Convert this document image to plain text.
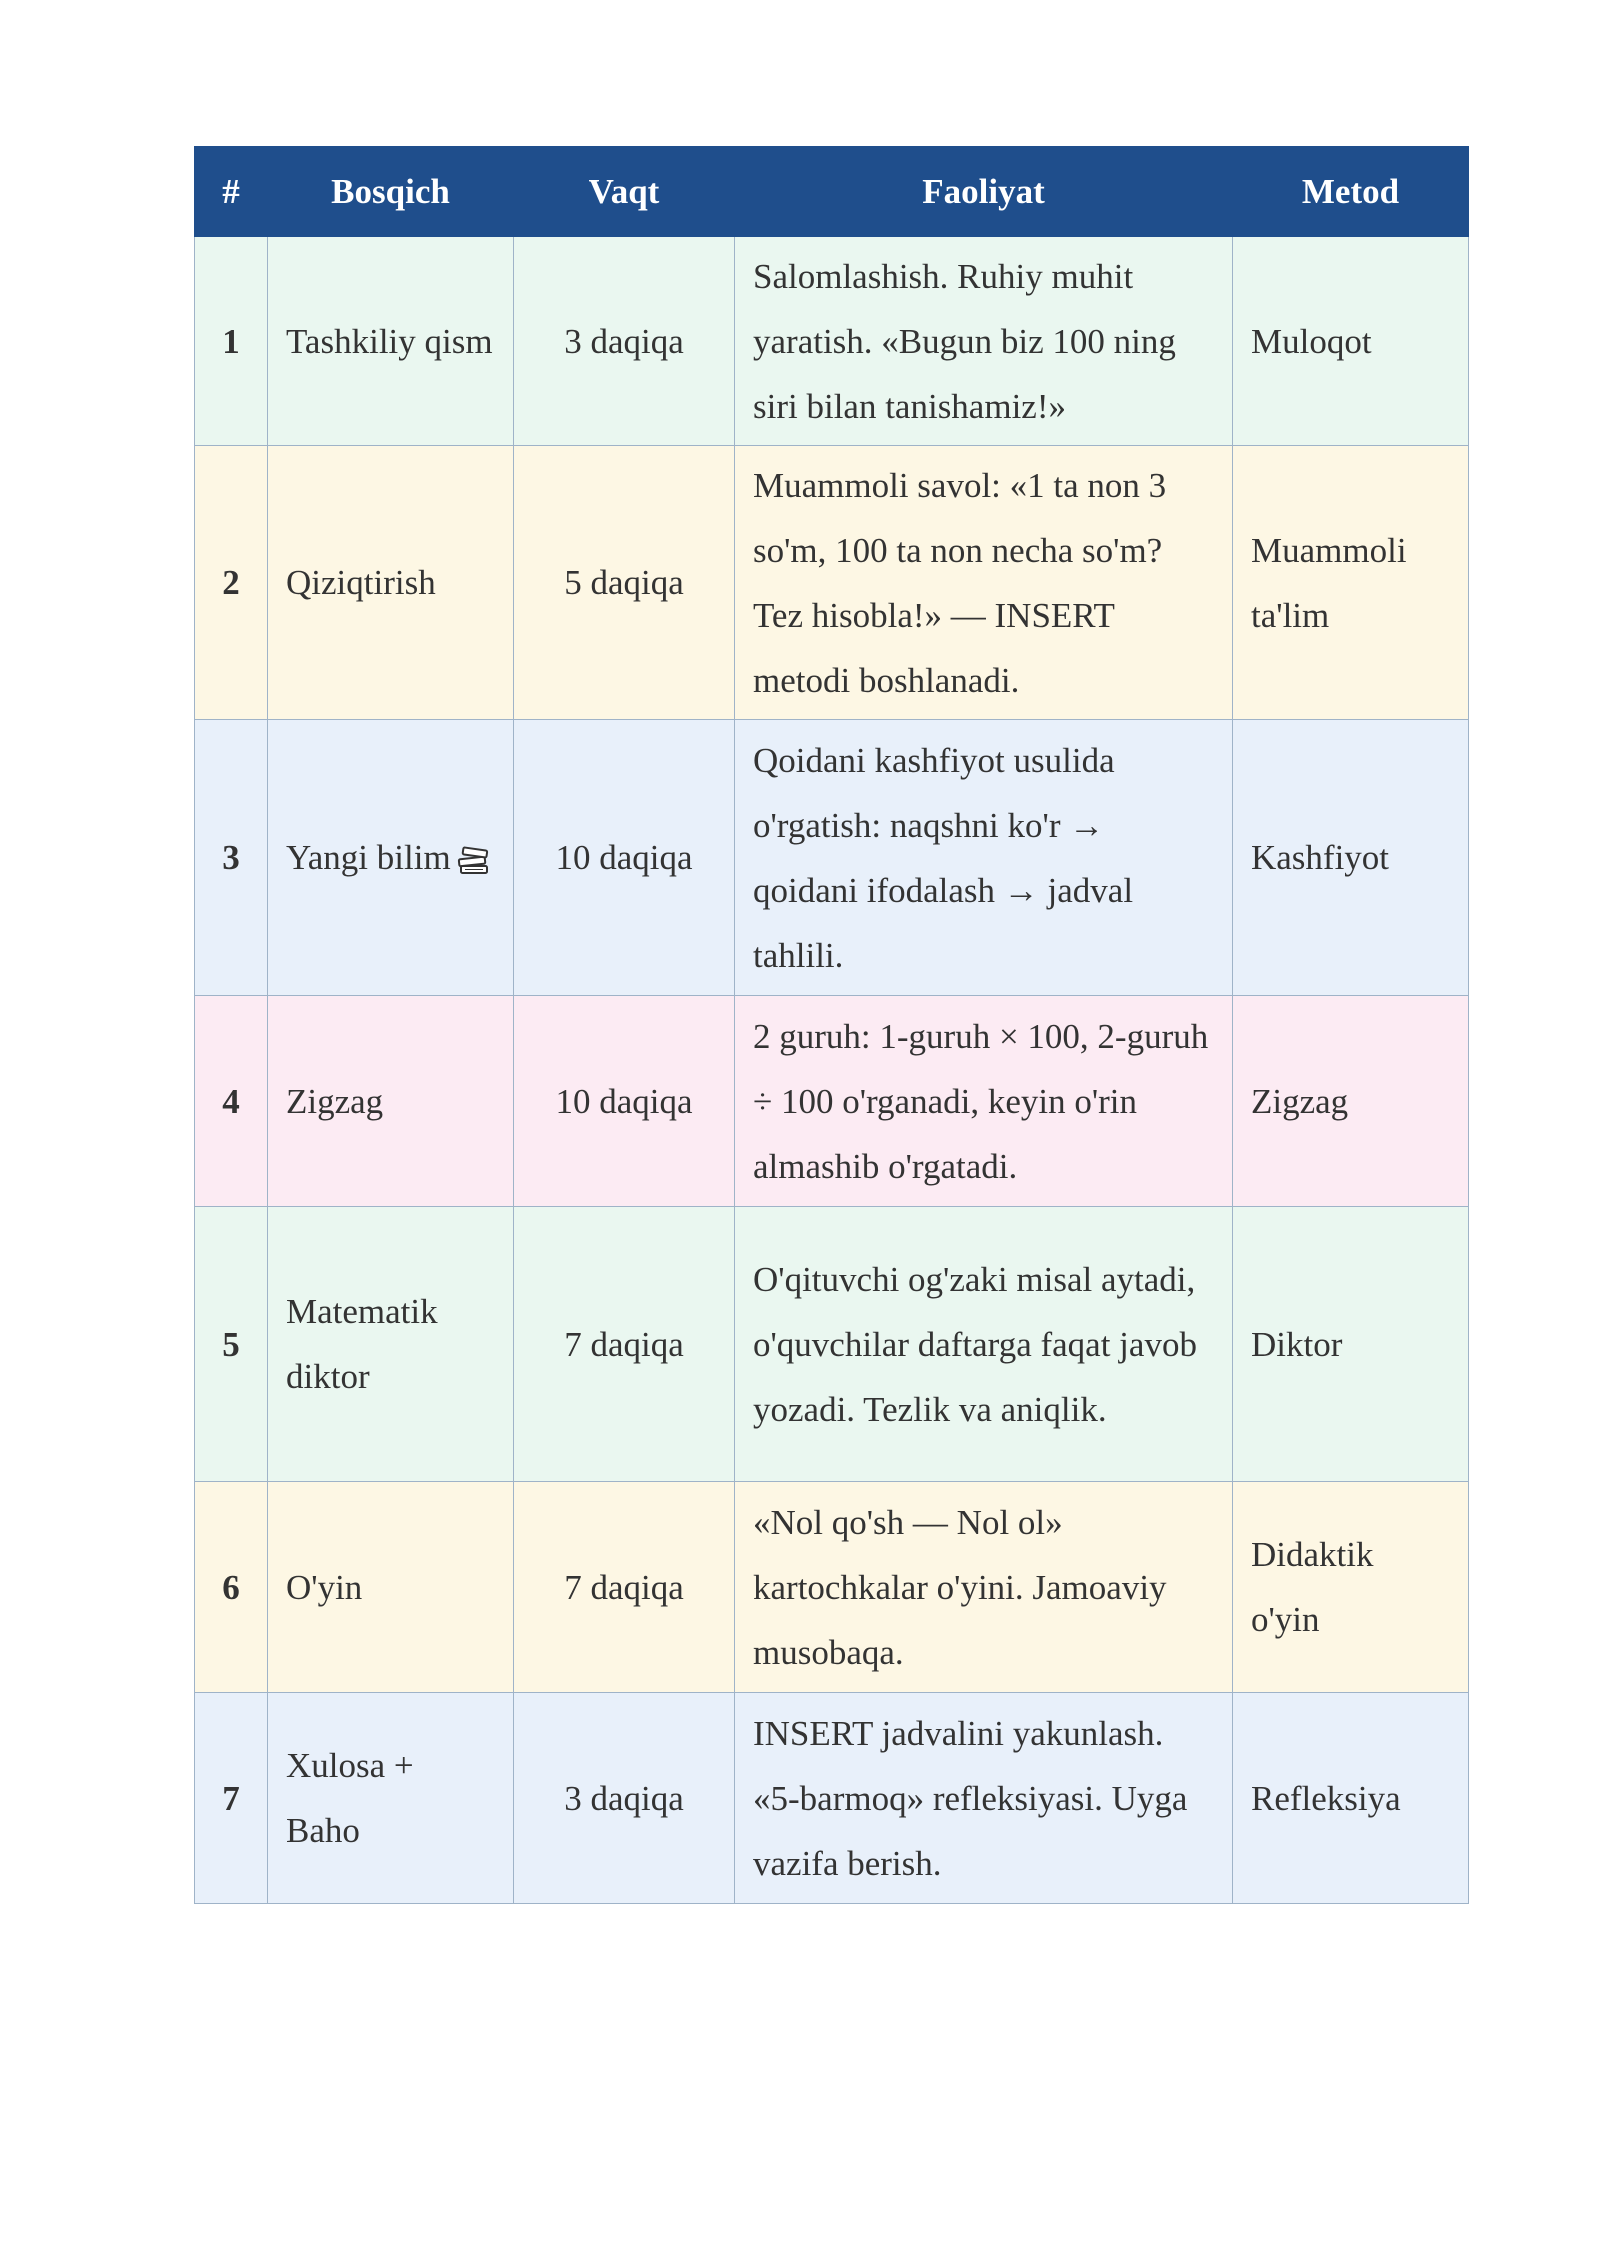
#	Bosqich	Vaqt	Faoliyat	Metod
1	Tashkiliy qism	3 daqiqa	Salomlashish. Ruhiy muhit yaratish. «Bugun biz 100 ning siri bilan tanishamiz!»	Muloqot
2	Qiziqtirish	5 daqiqa	Muammoli savol: «1 ta non 3 so'm, 100 ta non necha so'm? Tez hisobla!» — INSERT metodi boshlanadi.	Muammoli ta'lim
3	Yangi bilim	10 daqiqa	Qoidani kashfiyot usulida o'rgatish: naqshni ko'r → qoidani ifodalash → jadval tahlili.	Kashfiyot
4	Zigzag	10 daqiqa	2 guruh: 1-guruh × 100, 2-guruh ÷ 100 o'rganadi, keyin o'rin almashib o'rgatadi.	Zigzag
5	Matematik diktor	7 daqiqa	O'qituvchi og'zaki misal aytadi, o'quvchilar daftarga faqat javob yozadi. Tezlik va aniqlik.	Diktor
6	O'yin	7 daqiqa	«Nol qo'sh — Nol ol» kartochkalar o'yini. Jamoaviy musobaqa.	Didaktik o'yin
7	Xulosa + Baho	3 daqiqa	INSERT jadvalini yakunlash. «5-barmoq» refleksiyasi. Uyga vazifa berish.	Refleksiya
